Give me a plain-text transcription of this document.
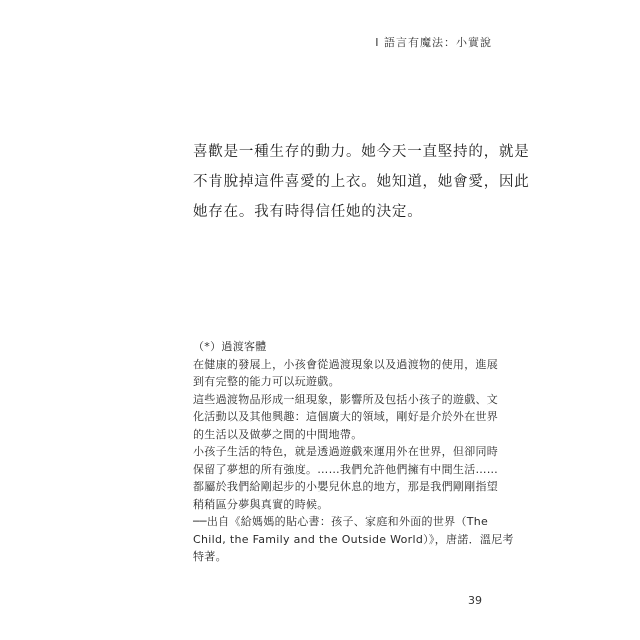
I 語言有魔法：小實說

喜歡是一種生存的動力。她今天一直堅持的，就是

不肯脫掉這件喜愛的上衣。她知道，她會愛，因此

她存在。我有時得信任她的決定。

（*）過渡客體
在健康的發展上，小孩會從過渡現象以及過渡物的使用，進展
到有完整的能力可以玩遊戲。
這些過渡物品形成一組現象，影響所及包括小孩子的遊戲、文
化活動以及其他興趣：這個廣大的領域，剛好是介於外在世界
的生活以及做夢之間的中間地帶。
小孩子生活的特色，就是透過遊戲來運用外在世界，但卻同時
保留了夢想的所有強度。……我們允許他們擁有中間生活……
都屬於我們給剛起步的小嬰兒休息的地方，那是我們剛剛指望
稍稍區分夢與真實的時候。
──出自《給媽媽的貼心書：孩子、家庭和外面的世界（The
Child, the Family and the Outside World）》，唐諾．溫尼考
特著。
39
